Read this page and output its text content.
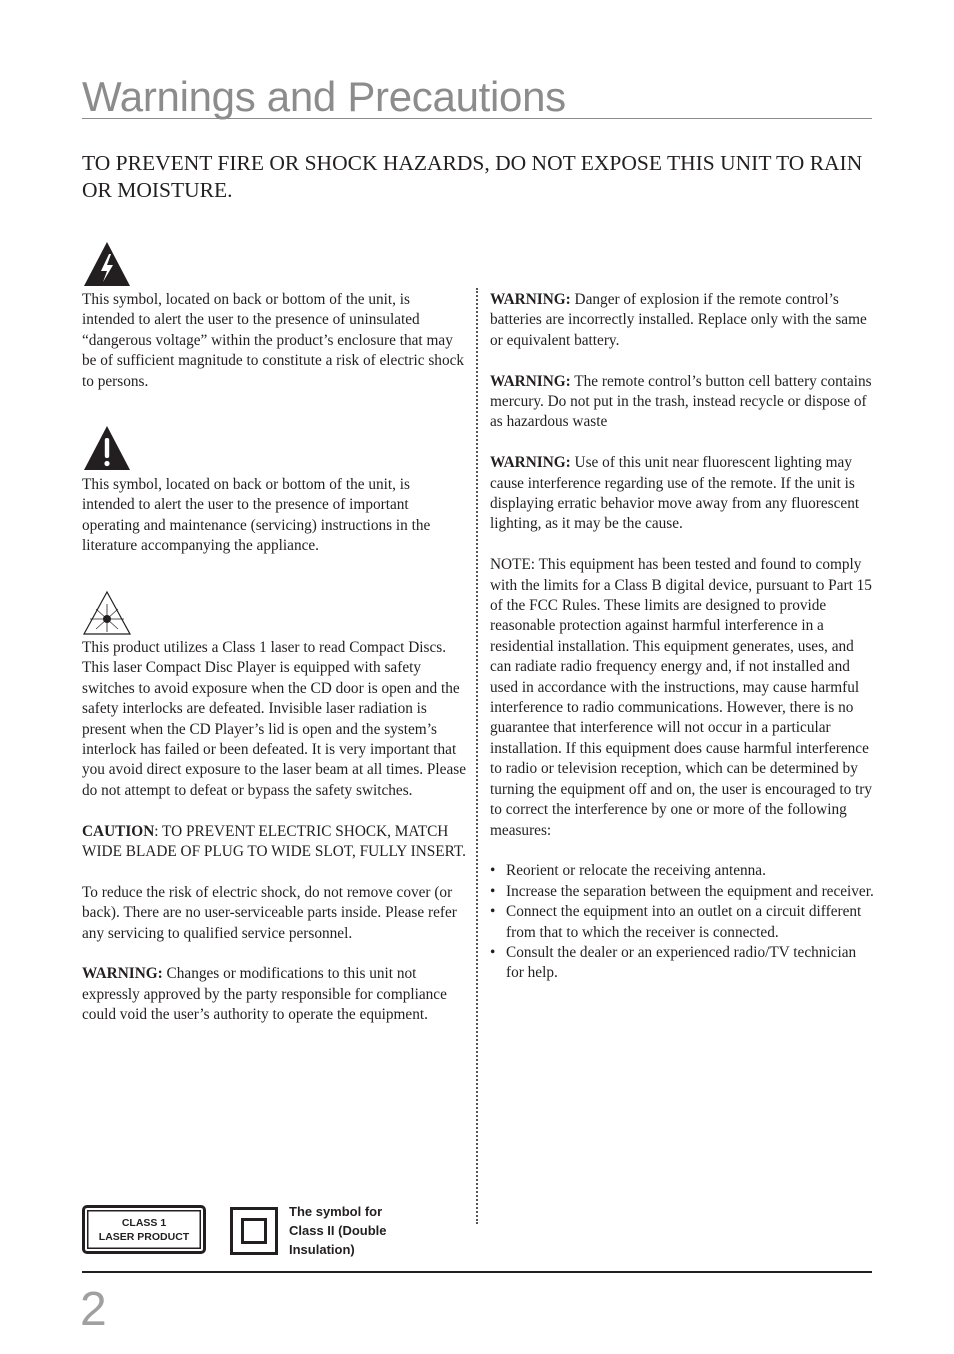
Warnings and Precautions
TO PREVENT FIRE OR SHOCK HAZARDS, DO NOT EXPOSE THIS UNIT TO RAIN OR MOISTURE.

This symbol, located on back or bottom of the unit, is intended to alert the user to the presence of uninsulated “dangerous voltage” within the product’s enclosure that may be of sufficient magnitude to constitute a risk of electric shock to persons.

This symbol, located on back or bottom of the unit, is intended to alert the user to the presence of important operating and maintenance (servicing) instructions in the literature accompanying the appliance.

This product utilizes a Class 1 laser to read Compact Discs. This laser Compact Disc Player is equipped with safety switches to avoid exposure when the CD door is open and the safety interlocks are defeated. Invisible laser radiation is present when the CD Player’s lid is open and the system’s interlock has failed or been defeated. It is very important that you avoid direct exposure to the laser beam at all times. Please do not attempt to defeat or bypass the safety switches.

CAUTION: TO PREVENT ELECTRIC SHOCK, MATCH WIDE BLADE OF PLUG TO WIDE SLOT, FULLY INSERT.

To reduce the risk of electric shock, do not remove cover (or back). There are no user-serviceable parts inside. Please refer any servicing to qualified service personnel.

WARNING: Changes or modifications to this unit not expressly approved by the party responsible for compliance could void the user’s authority to operate the equipment.

WARNING: Danger of explosion if the remote control’s batteries are incorrectly installed. Replace only with the same or equivalent battery.

WARNING: The remote control’s button cell battery contains mercury. Do not put in the trash, instead recycle or dispose of as hazardous waste

WARNING: Use of this unit near fluorescent lighting may cause interference regarding use of the remote. If the unit is displaying erratic behavior move away from any fluorescent lighting, as it may be the cause.

NOTE: This equipment has been tested and found to comply with the limits for a Class B digital device, pursuant to Part 15 of the FCC Rules. These limits are designed to provide reasonable protection against harmful interference in a residential installation. This equipment generates, uses, and can radiate radio frequency energy and, if not installed and used in accordance with the instructions, may cause harmful interference to radio communications. However, there is no guarantee that interference will not occur in a particular installation. If this equipment does cause harmful interference to radio or television reception, which can be determined by turning the equipment off and on, the user is encouraged to try to correct the interference by one or more of the following measures:

• Reorient or relocate the receiving antenna.
• Increase the separation between the equipment and receiver.
• Connect the equipment into an outlet on a circuit different from that to which the receiver is connected.
• Consult the dealer or an experienced radio/TV technician for help.
CLASS 1
LASER PRODUCT
The symbol for Class II (Double Insulation)
2
